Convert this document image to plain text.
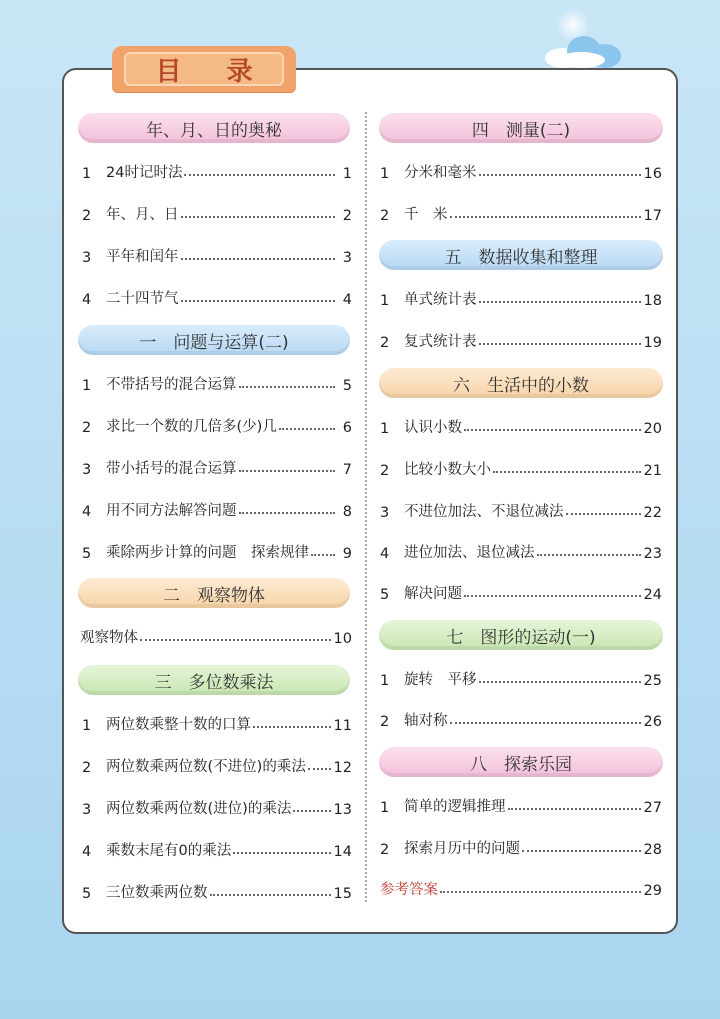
目 录
年、月、日的奥秘
1	24时记时法	1
2	年、月、日	2
3	平年和闰年	3
4	二十四节气	4
一　问题与运算(二)
1	不带括号的混合运算	5
2	求比一个数的几倍多(少)几	6
3	带小括号的混合运算	7
4	用不同方法解答问题	8
5	乘除两步计算的问题　探索规律	9
二　观察物体
观察物体	10
三　多位数乘法
1	两位数乘整十数的口算	11
2	两位数乘两位数(不进位)的乘法 12
3	两位数乘两位数(进位)的乘法	13
4	乘数末尾有0的乘法	14
5	三位数乘两位数	15
四　测量(二)
1	分米和毫米	16
2	千　米	17
五　数据收集和整理
1	单式统计表	18
2	复式统计表	19
六　生活中的小数
1	认识小数	20
2	比较小数大小	21
3	不进位加法、不退位减法	22
4	进位加法、退位减法	23
5	解决问题	24
七　图形的运动(一)
1	旋转　平移	25
2	轴对称	26
八　探索乐园
1	简单的逻辑推理	27
2	探索月历中的问题	28
参考答案	29
